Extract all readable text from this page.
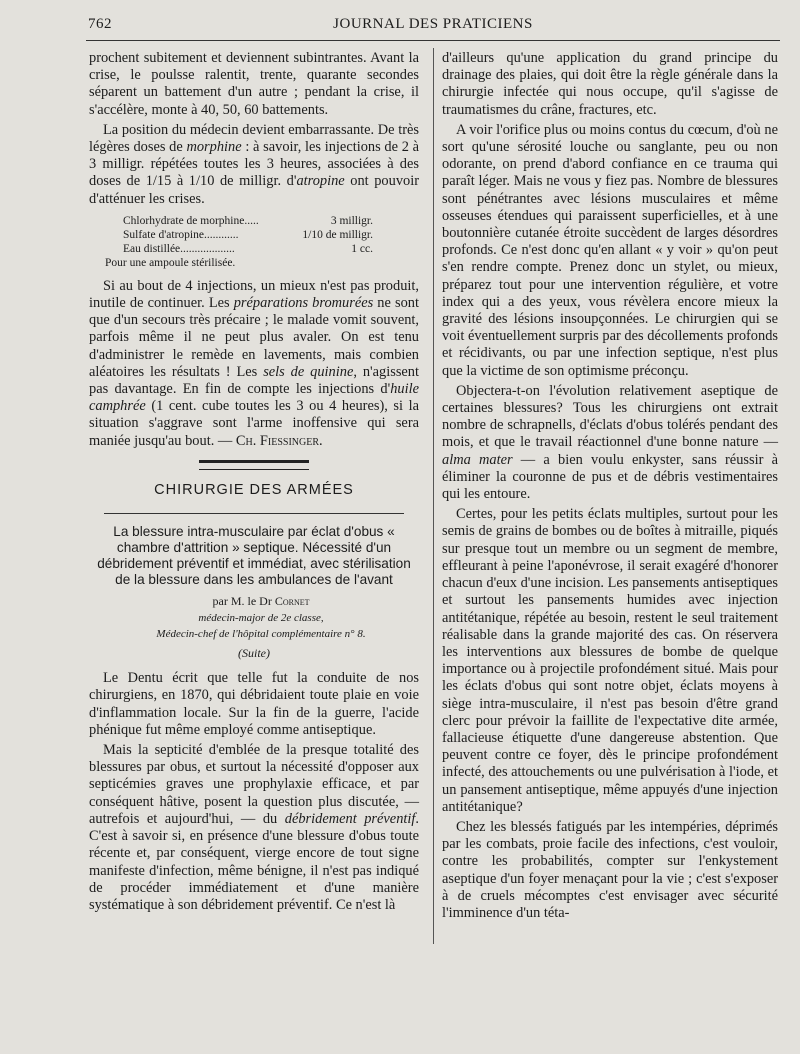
762	JOURNAL DES PRATICIENS

prochent subitement et deviennent subintrantes. Avant la crise, le poulsse ralentit, trente, quarante secondes séparent un battement d'un autre ; pendant la crise, il s'accélère, monte à 40, 50, 60 battements.

La position du médecin devient embarrassante. De très légères doses de morphine : à savoir, les injections de 2 à 3 milligr. répétées toutes les 3 heures, associées à des doses de 1/15 à 1/10 de milligr. d'atropine ont pouvoir d'atténuer les crises.

Chlorhydrate de morphine.....	3 milligr.
Sulfate d'atropine............	1/10 de milligr.
Eau distillée...................	1 cc.
Pour une ampoule stérilisée.

Si au bout de 4 injections, un mieux n'est pas produit, inutile de continuer. Les préparations bromurées ne sont que d'un secours très précaire ; le malade vomit souvent, parfois même il ne peut plus avaler. On est tenu d'administrer le remède en lavements, mais combien aléatoires les résultats ! Les sels de quinine, n'agissent pas davantage. En fin de compte les injections d'huile camphrée (1 cent. cube toutes les 3 ou 4 heures), si la situation s'aggrave sont l'arme inoffensive qui sera maniée jusqu'au bout. — Ch. Fiessinger.

CHIRURGIE DES ARMÉES
La blessure intra-musculaire par éclat d'obus « chambre d'attrition » septique. Nécessité d'un débridement préventif et immédiat, avec stérilisation de la blessure dans les ambulances de l'avant

par M. le Dr Cornet

médecin-major de 2e classe,

Médecin-chef de l'hôpital complémentaire n° 8.

(Suite)

Le Dentu écrit que telle fut la conduite de nos chirurgiens, en 1870, qui débridaient toute plaie en voie d'inflammation locale. Sur la fin de la guerre, l'acide phénique fut même employé comme antiseptique.

Mais la septicité d'emblée de la presque totalité des blessures par obus, et surtout la nécessité d'opposer aux septicémies graves une prophylaxie efficace, et par conséquent hâtive, posent la question plus discutée, — autrefois et aujourd'hui, — du débridement préventif. C'est à savoir si, en présence d'une blessure d'obus toute récente et, par conséquent, vierge encore de tout signe manifeste d'infection, même bénigne, il n'est pas indiqué de procéder immédiatement et d'une manière systématique à son débridement préventif. Ce n'est là

d'ailleurs qu'une application du grand principe du drainage des plaies, qui doit être la règle générale dans la chirurgie infectée qui nous occupe, qu'il s'agisse de traumatismes du crâne, fractures, etc.

A voir l'orifice plus ou moins contus du cœcum, d'où ne sort qu'une sérosité louche ou sanglante, peu ou non odorante, on prend d'abord confiance en ce trauma qui paraît léger. Mais ne vous y fiez pas. Nombre de blessures sont pénétrantes avec lésions musculaires et même osseuses étendues qui paraissent superficielles, et à une boutonnière cutanée étroite succèdent de larges désordres profonds. Ce n'est donc qu'en allant « y voir » qu'on peut s'en rendre compte. Prenez donc un stylet, ou mieux, préparez tout pour une intervention régulière, et votre index qui a des yeux, vous révèlera encore mieux la gravité des lésions insoupçonnées. Le chirurgien qui se voit éventuellement surpris par des décollements profonds et récidivants, ou par une infection septique, n'est plus que la victime de son optimisme préconçu.

Objectera-t-on l'évolution relativement aseptique de certaines blessures? Tous les chirurgiens ont extrait nombre de schrapnells, d'éclats d'obus tolérés pendant des mois, et que le travail réactionnel d'une bonne nature — alma mater — a bien voulu enkyster, sans réussir à éliminer la couronne de pus et de débris vestimentaires qui les entoure.

Certes, pour les petits éclats multiples, surtout pour les semis de grains de bombes ou de boîtes à mitraille, piqués sur presque tout un membre ou un segment de membre, effleurant à peine l'aponévrose, il serait exagéré d'honorer chacun d'eux d'une incision. Les pansements antiseptiques et surtout les pansements humides avec injection antitétanique, répétée au besoin, restent le seul traitement réalisable dans la grande majorité des cas. On réservera les interventions aux blessures de bombe de quelque importance ou à projectile profondément situé. Mais pour les éclats d'obus qui sont notre objet, éclats moyens à siège intra-musculaire, il n'est pas besoin d'être grand clerc pour prévoir la faillite de l'expectative dite armée, fallacieuse étiquette d'une dangereuse abstention. Que peuvent contre ce foyer, dès le principe profondément infecté, des attouchements ou une pulvérisation à l'iode, et un pansement antiseptique, même appuyés d'une injection antitétanique?

Chez les blessés fatigués par les intempéries, déprimés par les combats, proie facile des infections, c'est vouloir, contre les probabilités, compter sur l'enkystement aseptique d'un foyer menaçant pour la vie ; c'est s'exposer à de cruels mécomptes c'est envisager avec sécurité l'imminence d'un téta-
